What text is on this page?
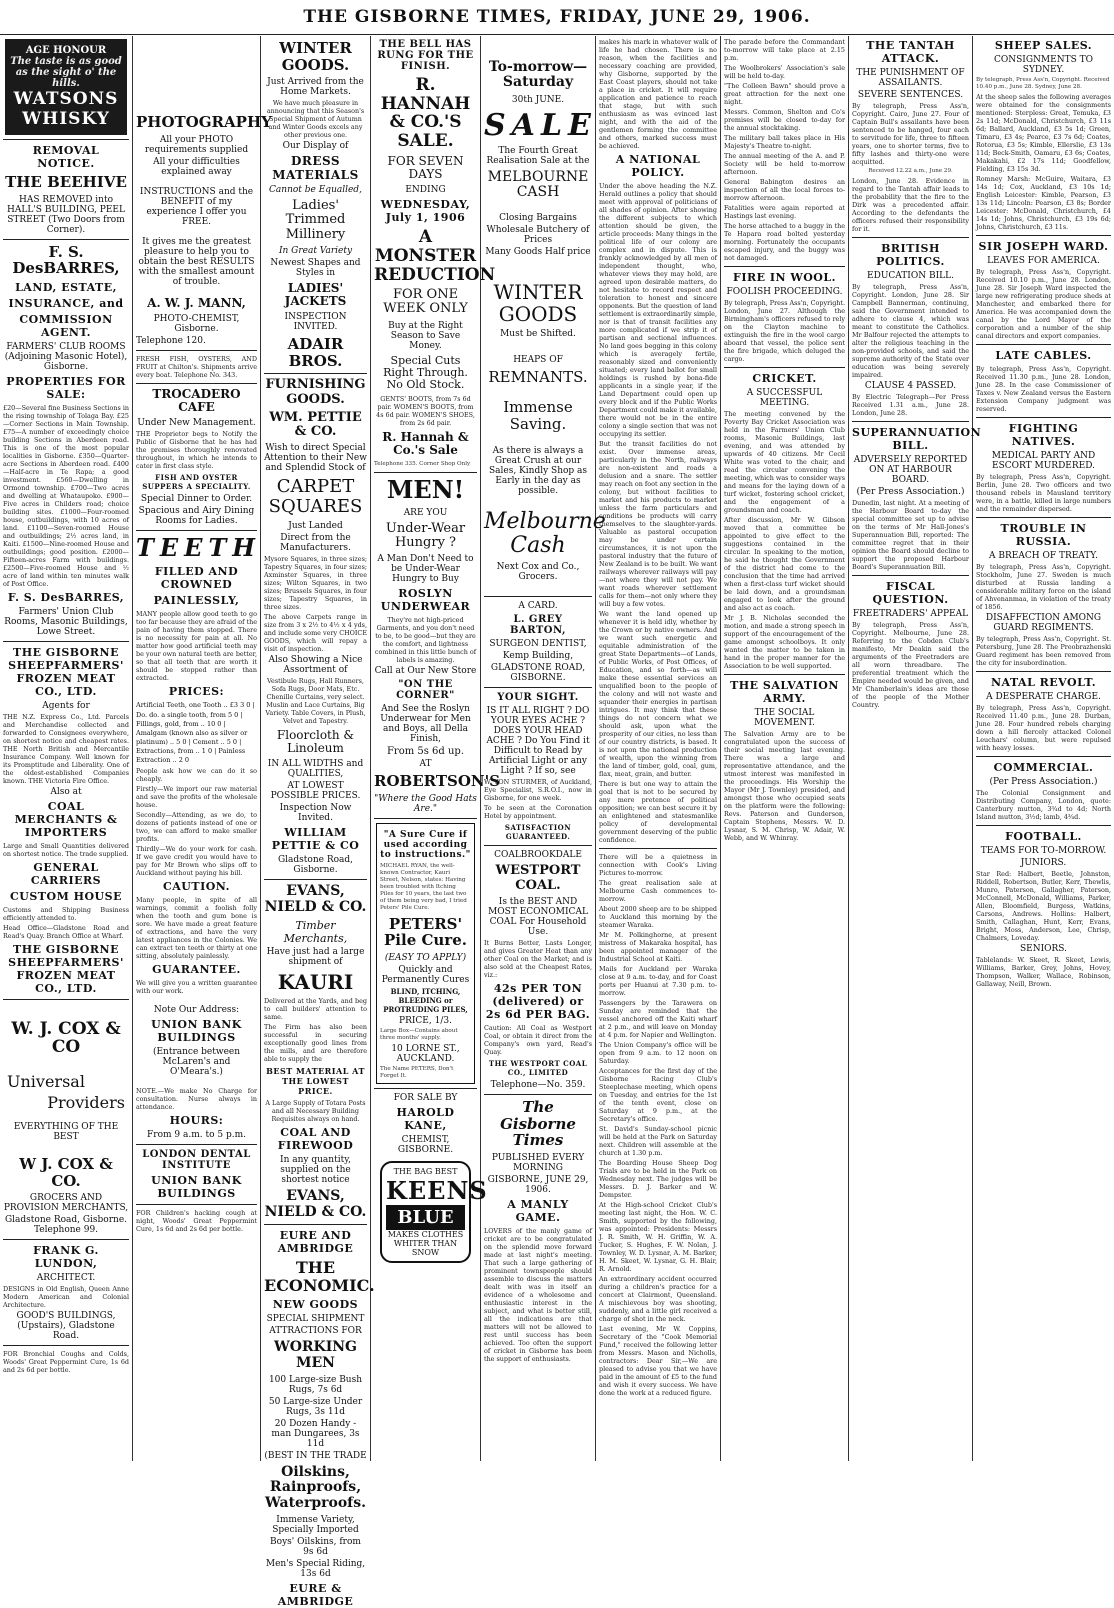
THE GISBORNE TIMES, FRIDAY, JUNE 29, 1906.
AGE HONOUR
The taste is as good as the sight o' the hills.
WATSONS WHISKY
REMOVAL NOTICE.
THE BEEHIVE
HAS REMOVED into HALL'S BUILDING, PEEL STREET (Two Doors from Corner).
F. S. DesBARRES,
LAND, ESTATE,
INSURANCE, and
COMMISSION AGENT.
FARMERS' CLUB ROOMS (Adjoining Masonic Hotel), Gisborne.
PROPERTIES FOR SALE:
£20—Several fine Business Sections in the rising township of Tolaga Bay. £25—Corner Sections in Main Township. £75—A number of exceedingly choice building Sections in Aberdeen road. This is one of the most popular localities in Gisborne. £350—Quarter-acre Sections in Aberdeen road. £400—Half-acre in Te Rapa; a good investment. £560—Dwelling in Ormond township. £700—Two acres and dwelling at Whataupoko. £900—Five acres in Childers road; choice building sites. £1000—Four-roomed house, outbuildings, with 10 acres of land. £1100—Seven-roomed House and outbuildings; 2½ acres land, in Kaiti. £1500—Nine-roomed House and outbuildings; good position. £2000—Fifteen-acres Farm with buildings. £2500—Five-roomed House and ½ acre of land within ten minutes walk of Post Office.
F. S. DesBARRES,
Farmers' Union Club Rooms, Masonic Buildings, Lowe Street.
THE GISBORNE SHEEPFARMERS' FROZEN MEAT CO., LTD.
Agents for
THE N.Z. Express Co., Ltd. Parcels and Merchandise collected and forwarded to Consignees everywhere, on shortest notice and cheapest rates. THE North British and Mercantile Insurance Company. Well known for its Promptitude and Liberality. One of the oldest-established Companies known. THE Victoria Fire Office.
Also at
COAL MERCHANTS & IMPORTERS
Large and Small Quantities delivered on shortest notice. The trade supplied.
GENERAL CARRIERS
CUSTOM HOUSE
Customs and Shipping Business efficiently attended to.
Head Office—Gladstone Road and Read's Quay. Branch Office at Wharf.
THE GISBORNE SHEEPFARMERS' FROZEN MEAT CO., LTD.
W. J. COX & CO
Universal
Providers
EVERYTHING OF THE BEST
W J. COX & CO.
GROCERS AND PROVISION MERCHANTS,
Gladstone Road, Gisborne. Telephone 99.
FRANK G. LUNDON,
ARCHITECT.
DESIGNS in Old English, Queen Anne Modern American and Colonial Architecture.
GOOD'S BUILDINGS, (Upstairs), Gladstone Road.
FOR Bronchial Coughs and Colds, Woods' Great Peppermint Cure, 1s 6d and 2s 6d per bottle.
PHOTOGRAPHY
All your PHOTO requirements supplied
All your difficulties explained away
INSTRUCTIONS and the BENEFIT of my experience I offer you FREE.
It gives me the greatest pleasure to help you to obtain the best RESULTS with the smallest amount of trouble.
A. W. J. MANN,
PHOTO-CHEMIST, Gisborne.
Telephone 120.
FRESH FISH, OYSTERS, AND FRUIT at Chilton's. Shipments arrive every boat. Telephone No. 343.
TROCADERO CAFE
Under New Management.
THE Proprietor begs to Notify the Public of Gisborne that he has had the premises thoroughly renovated throughout, in which he intends to cater in first class style.
FISH AND OYSTER SUPPERS A SPECIALITY.
Special Dinner to Order.
Spacious and Airy Dining Rooms for Ladies.
TEETH
FILLED AND CROWNED
PAINLESSLY,
MANY people allow good teeth to go too far because they are afraid of the pain of having them stopped. There is no necessity for pain at all. No matter how good artificial teeth may be your own natural teeth are better, so that all teeth that are worth it should be stopped rather than extracted.
PRICES:
Artificial Teeth, one Tooth .. £3 3 0 | Do. do. a single tooth, from 5 0 | Fillings, gold, from .. 10 0 | Amalgam (known also as silver or platinum) .. 5 0 | Cement .. 5 0 | Extractions, from .. 1 0 | Painless Extraction .. 2 0
People ask how we can do it so cheaply.
Firstly—We import our raw material and save the profits of the wholesale house.
Secondly—Attending, as we do, to dozens of patients instead of one or two, we can afford to make smaller profits.
Thirdly—We do your work for cash. If we gave credit you would have to pay for Mr Brown who slips off to Auckland without paying his bill.
CAUTION.
Many people, in spite of all warnings, commit a foolish folly when the tooth and gum bone is sore. We have made a great feature of extractions, and have the very latest appliances in the Colonies. We can extract ten teeth or thirty at one sitting, absolutely painlessly.
GUARANTEE.
We will give you a written guarantee with our work.
Note Our Address:
UNION BANK BUILDINGS
(Entrance between McLaren's and O'Meara's.)
NOTE.—We make No Charge for consultation. Nurse always in attendance.
HOURS:
From 9 a.m. to 5 p.m.
LONDON DENTAL INSTITUTE
UNION BANK BUILDINGS
FOR Children's hacking cough at night, Woods' Great Peppermint Cure, 1s 6d and 2s 6d per bottle.
WINTER GOODS.
Just Arrived from the Home Markets.
We have much pleasure in announcing that this Season's Special Shipment of Autumn and Winter Goods excels any other previous one.
Our Display of
DRESS MATERIALS
Cannot be Equalled,
Ladies' Trimmed Millinery
In Great Variety
Newest Shapes and Styles in
LADIES' JACKETS
INSPECTION INVITED.
ADAIR BROS.
FURNISHING GOODS.
WM. PETTIE & CO.
Wish to direct Special Attention to their New and Splendid Stock of
CARPET SQUARES
Just Landed
Direct from the Manufacturers.
Mysore Squares, in three sizes; Tapestry Squares, in four sizes; Axminster Squares, in three sizes; Wilton Squares, in two sizes; Brussels Squares, in four sizes; Tapestry Squares, in three sizes.
The above Carpets range in size from 3 x 2½ to 4½ x 4 yds, and include some very CHOICE GOODS, which will repay a visit of inspection.
Also Showing a Nice Assortment of
Vestibule Rugs, Hall Runners, Sofa Rugs, Door Mats, Etc. Chenille Curtains, very select. Muslin and Lace Curtains, Big Variety. Table Covers, in Plush, Velvet and Tapestry.
Floorcloth & Linoleum
IN ALL WIDTHS and QUALITIES,
AT LOWEST POSSIBLE PRICES.
Inspection Now Invited.
WILLIAM PETTIE & CO
Gladstone Road, Gisborne.
EVANS, NIELD & CO.
Timber Merchants,
Have just had a large shipment of
KAURI
Delivered at the Yards, and beg to call builders' attention to same.
The Firm has also been successful in securing exceptionally good lines from the mills, and are therefore able to supply the
BEST MATERIAL AT THE LOWEST PRICE.
A Large Supply of Totara Posts and all Necessary Building Requisites always on hand.
COAL AND FIREWOOD
In any quantity, supplied on the shortest notice
EVANS, NIELD & CO.
EURE AND AMBRIDGE
THE ECONOMIC.
NEW GOODS
SPECIAL SHIPMENT
ATTRACTIONS FOR
WORKING MEN
100 Large-size Bush Rugs, 7s 6d
50 Large-size Under Rugs, 3s 11d
20 Dozen Handy - man Dungarees, 3s 11d
(BEST IN THE TRADE
Oilskins, Rainproofs, Waterproofs.
Immense Variety, Specially Imported
Boys' Oilskins, from 9s 6d
Men's Special Riding, 13s 6d
EURE & AMBRIDGE
THE BELL HAS RUNG FOR THE FINISH.
R. HANNAH & CO.'S SALE.
FOR SEVEN DAYS
ENDING
WEDNESDAY, July 1, 1906
A MONSTER REDUCTION
FOR ONE WEEK ONLY
Buy at the Right Season to Save Money.
Special Cuts Right Through. No Old Stock.
GENTS' BOOTS, from 7s 6d pair. WOMEN'S BOOTS, from 4s 6d pair. WOMEN'S SHOES, from 2s 6d pair.
R. Hannah & Co.'s Sale
Telephone 335. Corner Shop Only
MEN!
ARE YOU
Under-Wear Hungry ?
A Man Don't Need to be Under-Wear Hungry to Buy
ROSLYN UNDERWEAR
They're not high-priced Garments, and you don't need to be, to be good—but they are the comfort, and lightness combined in this little bunch of labels is amazing.
Call at Our New Store
"ON THE CORNER"
And See the Roslyn Underwear for Men and Boys, all Della Finish,
From 5s 6d up.
AT
ROBERTSON'S
"Where the Good Hats Are."
"A Sure Cure if used according to instructions."
MICHAEL RYAN, the well-known Contractor, Kauri Street, Nelson, states: Having been troubled with Itching Piles for 10 years, the last two of them being very bad, I tried Peters' Pile Cure.
PETERS' Pile Cure.
(EASY TO APPLY)
Quickly and Permanently Cures
BLIND, ITCHING, BLEEDING or PROTRUDING PILES,
PRICE, 1/3.
Large Box—Contains about three months' supply.
10 LORNE ST., AUCKLAND.
The Name PETERS, Don't Forget It.
FOR SALE BY
HAROLD KANE,
CHEMIST, GISBORNE.
THE BAG BEST
KEENS
BLUE
MAKES CLOTHES WHITER THAN SNOW
To-morrow—Saturday
30th JUNE.
SALE
The Fourth Great Realisation Sale at the
MELBOURNE CASH
Closing Bargains
Wholesale Butchery of Prices
Many Goods Half price
WINTER GOODS
Must be Shifted.
HEAPS OF
REMNANTS.
Immense Saving.
As there is always a Great Crush at our Sales, Kindly Shop as Early in the day as possible.
Melbourne Cash
Next Cox and Co., Grocers.
A CARD.
L. GREY BARTON,
SURGEON DENTIST,
Kemp Building,
GLADSTONE ROAD, GISBORNE.
YOUR SIGHT.
IS IT ALL RIGHT ? DO YOUR EYES ACHE ? DOES YOUR HEAD ACHE ? Do You Find it Difficult to Read by Artificial Light or any Light ? If so, see
W. VON STURMER, of Auckland, Eye Specialist, S.R.O.I., now in Gisborne, for one week.
To be seen at the Coronation Hotel by appointment.
SATISFACTION GUARANTEED.
COALBROOKDALE
WESTPORT COAL.
Is the BEST AND MOST ECONOMICAL COAL For Household Use.
It Burns Better, Lasts Longer, and gives Greater Heat than any other Coal on the Market; and is also sold at the Cheapest Rates, viz.:
42s PER TON (delivered) or 2s 6d PER BAG.
Caution: All Coal as Westport Coal, or obtain it direct from the Company's own yard, Read's Quay.
THE WESTPORT COAL CO., LIMITED
Telephone—No. 359.
The Gisborne Times
PUBLISHED EVERY MORNING
GISBORNE, JUNE 29, 1906.
A MANLY GAME.
LOVERS of the manly game of cricket are to be congratulated on the splendid move forward made at last night's meeting. That such a large gathering of prominent townspeople should assemble to discuss the matters dealt with was in itself an evidence of a wholesome and enthusiastic interest in the subject, and what is better still, all the indications are that matters will not be allowed to rest until success has been achieved. Too often the support of cricket in Gisborne has been the support of enthusiasts.
makes his mark in whatever walk of life he had chosen. There is no reason, when the facilities and necessary coaching are provided, why Gisborne, supported by the East Coast players, should not take a place in cricket. It will require application and patience to reach that stage, but with such enthusiasm as was evinced last night, and with the aid of the gentlemen forming the committee and others, marked success must be achieved.
A NATIONAL POLICY.
Under the above heading the N.Z. Herald outlines a policy that should meet with approval of politicians of all shades of opinion. After showing the different subjects to which attention should be given, the article proceeds: Many things in the political life of our colony are complex and in dispute. This is frankly acknowledged by all men of independent thought, who, whatever views they may hold, are agreed upon desirable matters, do not hesitate to record respect and toleration to honest and sincere opponents. But the question of land settlement is extraordinarily simple, nor is that of transit facilities any more complicated if we strip it of partisan and sectional influences. No land goes begging in this colony which is averagely fertile, reasonably sized and conveniently situated; every land ballot for small holdings is rushed by bona-fide applicants in a single year, if the Land Department could open up every block and if the Public Works Department could make it available, there would not be in the entire colony a single section that was not occupying its settler.
But the transit facilities do not exist. Over immense areas, particularly in the North, railways are non-existent and roads a delusion and a snare. The settler may reach on foot any section in the colony, but without facilities to market and his products to market unless the farm particulars and conditions be products will carry themselves to the slaughter-yards. Valuable as pastoral occupation may be under certain circumstances, it is not upon the pastoral industry that the future of New Zealand is to be built. We want railways wherever railways will pay —not where they will not pay. We want roads wherever settlement calls for them—not only where they will buy a few votes.
We want the land opened up whenever it is held idly, whether by the Crown or by native owners. And we want such energetic and equitable administration of the great State Departments—of Lands, of Public Works, of Post Offices, of Education, and so forth—as will make these essential services an unqualified boon to the people of the colony and will not waste and squander their energies in partisan intrigues. It may think that these things do not concern what we should ask, upon what the prosperity of our cities, no less than of our country districts, is based. It is not upon the national production of wealth, upon the winning from the land of timber, gold, coal, gum, flax, meat, grain, and butter.
There is but one way to attain the goal that is not to be secured by any mere pretence of political opposition; we can best secure it by an enlightened and statesmanlike policy of developmental government deserving of the public confidence.
There will be a quietness in connection with Cook's Living Pictures to-morrow.
The great realisation sale at Melbourne Cash commences to-morrow.
About 2000 sheep are to be shipped to Auckland this morning by the steamer Waraka.
Mr M. Polkinghorne, at present mistress of Makaraka hospital, has been appointed manager of the Industrial School at Kaiti.
Mails for Auckland per Waraka close at 9 a.m. to-day, and for Coast ports per Huanui at 7.30 p.m. to-morrow.
Passengers by the Tarawera on Sunday are reminded that the vessel anchored off the Kaiti wharf at 2 p.m., and will leave on Monday at 4 p.m. for Napier and Wellington.
The Union Company's office will be open from 9 a.m. to 12 noon on Saturday.
Acceptances for the first day of the Gisborne Racing Club's Steeplechase meeting, which opens on Tuesday, and entries for the 1st of the tenth event, close on Saturday at 9 p.m., at the Secretary's office.
St. David's Sunday-school picnic will be held at the Park on Saturday next. Children will assemble at the church at 1.30 p.m.
The Boarding House Sheep Dog Trials are to be held in the Park on Wednesday next. The judges will be Messrs. D. J. Barker and W. Dempster.
At the High-school Cricket Club's meeting last night, the Hon. W. C. Smith, supported by the following, was appointed: Presidents: Messrs J. R. Smith, W. H. Griffin, W. A. Tucker, S. Hughes, F. W. Nolan, J. Townley, W. D. Lysnar, A. M. Barker, H. M. Skeet, W. Lysnar, G. H. Blair, R. Arnold.
An extraordinary accident occurred during a children's practice for a concert at Clairmont, Queensland. A mischievous boy was shooting, suddenly, and a little girl received a charge of shot in the neck.
Last evening, Mr W. Coppins, Secretary of the "Cook Memorial Fund," received the following letter from Messrs. Mason and Nicholls, contractors: Dear Sir,—We are pleased to advise you that we have paid in the amount of £5 to the fund and wish it every success. We have done the work at a reduced figure.
The parade before the Commandant to-morrow will take place at 2.15 p.m.
The Woolbrokers' Association's sale will be held to-day.
"The Colleen Bawn" should prove a great attraction for the next one night.
Messrs. Common, Shelton and Co's premises will be closed to-day for the annual stocktaking.
The military ball takes place in His Majesty's Theatre to-night.
The annual meeting of the A. and P. Society will be held to-morrow afternoon.
General Babington desires an inspection of all the local forces to-morrow afternoon.
Fatalities were again reported at Hastings last evening.
The horse attached to a buggy in the Te Hapara road bolted yesterday morning. Fortunately the occupants escaped injury, and the buggy was not damaged.
FIRE IN WOOL.
FOOLISH PROCEEDING.
By telegraph, Press Ass'n, Copyright. London, June 27. Although the Birmingham's officers refused to rely on the Clayton machine to extinguish the fire in the wool cargo aboard that vessel, the police sent the fire brigade, which deluged the cargo.
CRICKET.
A SUCCESSFUL MEETING.
The meeting convened by the Poverty Bay Cricket Association was held in the Farmers' Union Club rooms, Masonic Buildings, last evening, and was attended by upwards of 40 citizens. Mr Cecil White was voted to the chair, and read the circular convening the meeting, which was to consider ways and means for the laying down of a turf wicket, fostering school cricket, and the engagement of a groundsman and coach.
After discussion, Mr W. Gibson moved that a committee be appointed to give effect to the suggestions contained in the circular. In speaking to the motion, he said he thought the Government of the district had come to the conclusion that the time had arrived when a first-class turf wicket should be laid down, and a groundsman engaged to look after the ground and also act as coach.
Mr J. B. Nicholas seconded the motion, and made a strong speech in support of the encouragement of the game amongst schoolboys. It only wanted the matter to be taken in hand in the proper manner for the Association to be well supported.
THE SALVATION ARMY.
THE SOCIAL MOVEMENT.
The Salvation Army are to be congratulated upon the success of their social meeting last evening. There was a large and representative attendance, and the utmost interest was manifested in the proceedings. His Worship the Mayor (Mr J. Townley) presided, and amongst those who occupied seats on the platform were the following: Revs. Paterson and Gunderson, Captain Stephens, Messrs. W. D. Lysnar, S. M. Chrisp, W. Adair, W. Webb, and W. Whinray.
THE TANTAH ATTACK.
THE PUNISHMENT OF ASSAILANTS.
SEVERE SENTENCES.
By telegraph, Press Ass'n, Copyright. Cairo, June 27. Four of Captain Bull's assailants have been sentenced to be hanged, four each to servitude for life, three to fifteen years, one to shorter terms, five to fifty lashes and thirty-one were acquitted.
Received 12.22 a.m., June 29.
London, June 28. Evidence in regard to the Tantah affair leads to the probability that the fire to the Dirk was a precedented affair. According to the defendants the officers refused their responsibility for it.
BRITISH POLITICS.
EDUCATION BILL.
By telegraph, Press Ass'n, Copyright. London, June 28. Sir Campbell Bannerman, continuing, said the Government intended to adhere to clause 4, which was meant to constitute the Catholics. Mr Balfour rejected the attempts to alter the religious teaching in the non-provided schools, and said the supreme authority of the State over education was being severely impaired.
CLAUSE 4 PASSED.
By Electric Telegraph—Per Press Received 1.31 a.m., June 28. London, June 28.
SUPERANNUATION BILL.
ADVERSELY REPORTED ON AT HARBOUR BOARD.
(Per Press Association.)
Dunedin, last night. At a meeting of the Harbour Board to-day the special committee set up to advise on the terms of Mr Hall-Jones's Superannuation Bill, reported: The committee regret that in their opinion the Board should decline to support the proposed Harbour Board's Superannuation Bill.
FISCAL QUESTION.
FREETRADERS' APPEAL
By telegraph, Press Ass'n, Copyright. Melbourne, June 28. Referring to the Cobden Club's manifesto, Mr Deakin said the arguments of the Freetraders are all worn threadbare. The preferential treatment which the Empire needed would be given, and Mr Chamberlain's ideas are those of the people of the Mother Country.
SHEEP SALES.
CONSIGNMENTS TO SYDNEY.
By telegraph, Press Ass'n, Copyright. Received 10.40 p.m., June 28. Sydney, June 28.
At the sheep sales the following averages were obtained for the consignments mentioned: Sterpless: Great, Temuka, £3 2s 11d; McDonald, Christchurch, £3 11s 6d; Ballard, Auckland, £3 5s 1d; Green, Timaru, £3 4s; Pearce, £3 7s 6d; Coates, Rotorua, £3 5s; Kimble, Ellerslie, £3 13s 11d; Beck-Smith, Oamaru, £3 6s; Coates, Makakahi, £2 17s 11d; Goodfellow, Fielding, £3 15s 3d.
Romney Marsh: McGuire, Waitara, £3 14s 1d; Cox, Auckland, £3 10s 1d; English Leicester: Kimble, Pearson, £3 13s 11d; Lincoln: Pearson, £3 8s; Border Leicester: McDonald, Christchurch, £4 14s 1d; Johns, Christchurch, £3 19s 6d; Johns, Christchurch, £3 11s.
SIR JOSEPH WARD.
LEAVES FOR AMERICA.
By telegraph, Press Ass'n, Copyright. Received 10.10 p.m., June 28. London, June 28. Sir Joseph Ward inspected the large new refrigerating produce sheds at Manchester, and embarked there for America. He was accompanied down the canal by the Lord Mayor of the corporation and a number of the ship canal directors and export companies.
LATE CABLES.
By telegraph, Press Ass'n, Copyright. Received 11.30 p.m., June 28. London, June 28. In the case Commissioner of Taxes v. New Zealand versus the Eastern Extension Company judgment was reserved.
FIGHTING NATIVES.
MEDICAL PARTY AND ESCORT MURDERED.
By telegraph, Press Ass'n, Copyright. Berlin, June 28. Two officers and two thousand rebels in Mausland territory were, in a battle, killed in large numbers and the remainder dispersed.
TROUBLE IN RUSSIA.
A BREACH OF TREATY.
By telegraph, Press Ass'n, Copyright. Stockholm, June 27. Sweden is much disturbed at Russia landing a considerable military force on the island of Ahvenanmaa, in violation of the treaty of 1856.
DISAFFECTION AMONG GUARD REGIMENTS.
By telegraph, Press Ass'n, Copyright. St. Petersburg, June 28. The Preobrazhenski Guard regiment has been removed from the city for insubordination.
NATAL REVOLT.
A DESPERATE CHARGE.
By telegraph, Press Ass'n, Copyright. Received 11.40 p.m., June 28. Durban, June 28. Four hundred rebels charging down a hill fiercely attacked Colonel Leuchars' column, but were repulsed with heavy losses.
COMMERCIAL.
(Per Press Association.)
The Colonial Consignment and Distributing Company, London, quote: Canterbury mutton, 3¾d to 4d; North Island mutton, 3½d; lamb, 4¾d.
FOOTBALL.
TEAMS FOR TO-MORROW.
JUNIORS.
Star Red: Halbert, Beetle, Johnston, Riddell, Robertson, Butler, Kerr, Thewlis, Munro, Paterson, Gallagher, Paterson, McConnell, McDonald, Williams, Parker, Allen, Bloomfield, Burgess, Watkins, Carsons, Andrews. Hollins: Halbert, Smith, Callaghan, Hunt, Kerr, Evans, Bright, Moss, Anderson, Lee, Chrisp, Chalmers, Loveday.
SENIORS.
Tablelands: W. Skeet, R. Skeet, Lewis, Williams, Barker, Grey, Johns, Hovey, Thompson, Walker, Wallace, Robinson, Gallaway, Neill, Brown.
